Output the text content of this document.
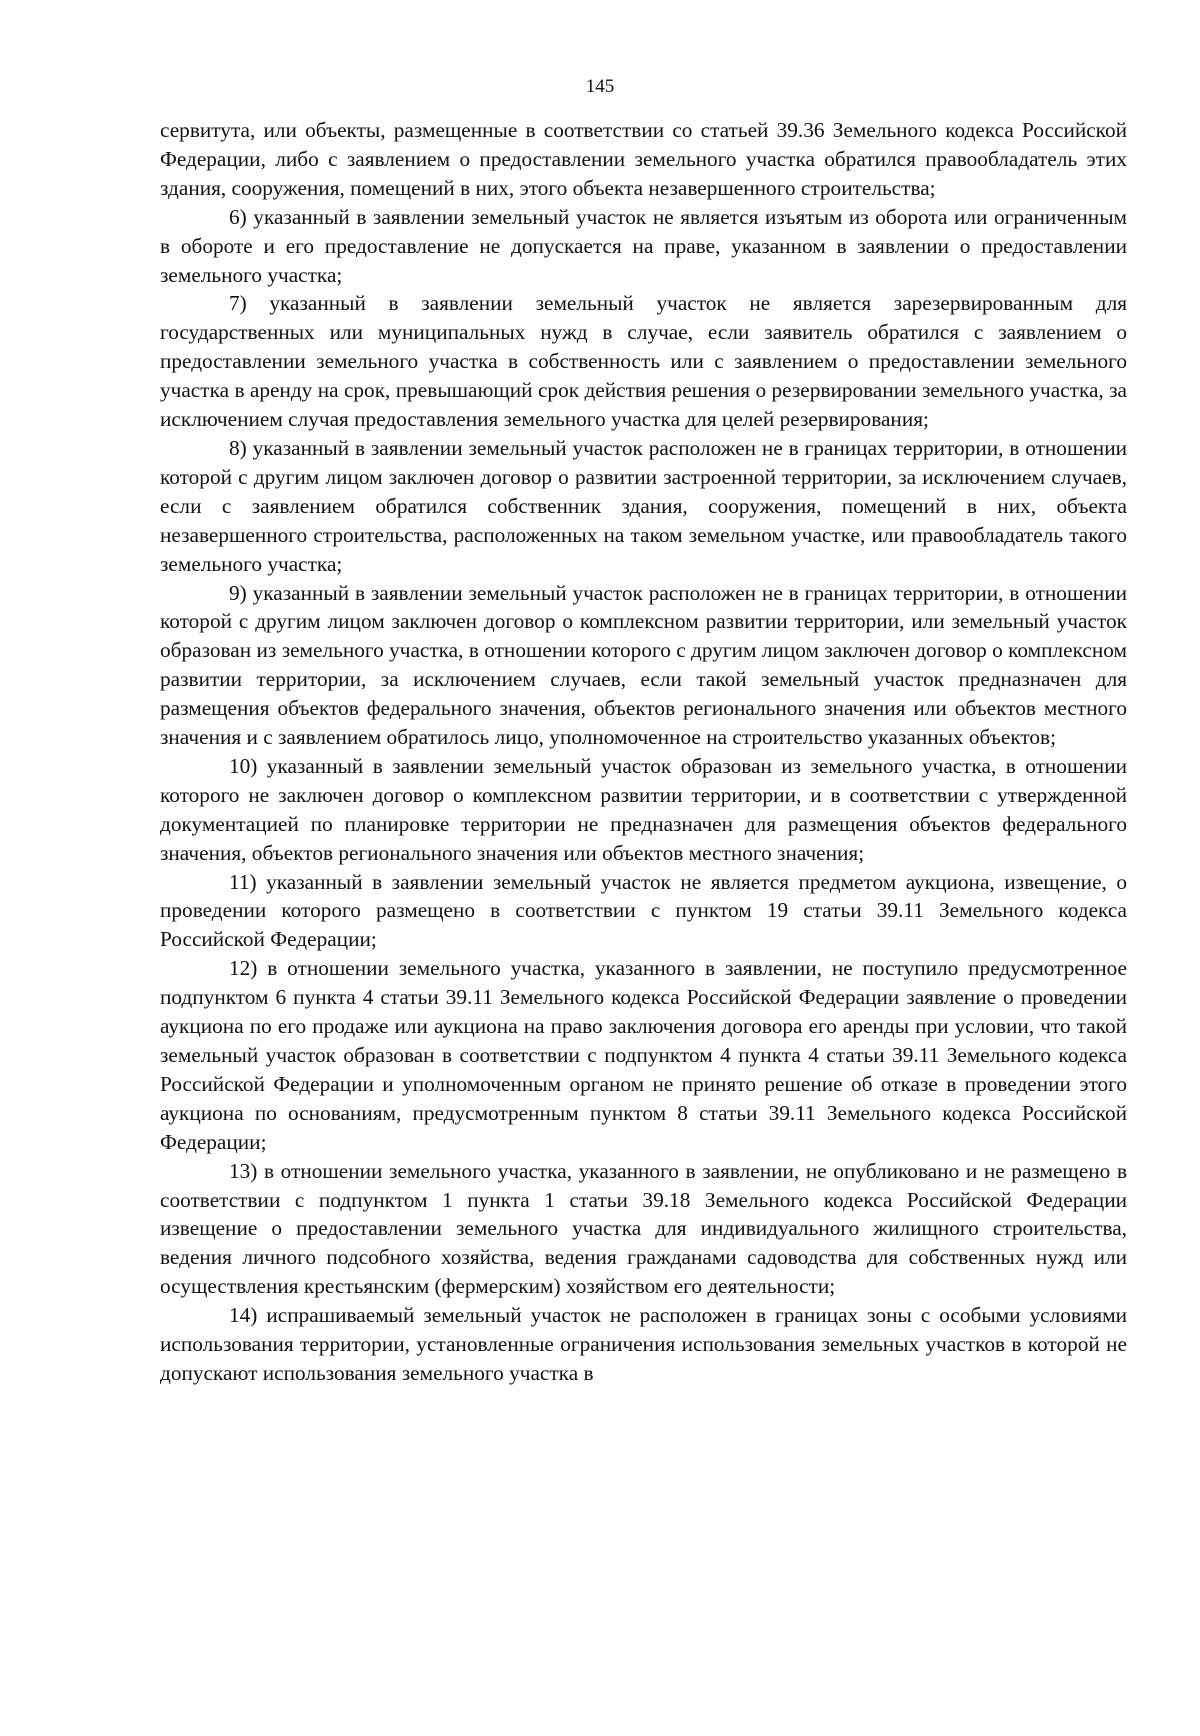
145

сервитута, или объекты, размещенные в соответствии со статьей 39.36 Земельного кодекса Российской Федерации, либо с заявлением о предоставлении земельного участка обратился правообладатель этих здания, сооружения, помещений в них, этого объекта незавершенного строительства;

6) указанный в заявлении земельный участок не является изъятым из оборота или ограниченным в обороте и его предоставление не допускается на праве, указанном в заявлении о предоставлении земельного участка;

7) указанный в заявлении земельный участок не является зарезервированным для государственных или муниципальных нужд в случае, если заявитель обратился с заявлением о предоставлении земельного участка в собственность или с заявлением о предоставлении земельного участка в аренду на срок, превышающий срок действия решения о резервировании земельного участка, за исключением случая предоставления земельного участка для целей резервирования;

8) указанный в заявлении земельный участок расположен не в границах территории, в отношении которой с другим лицом заключен договор о развитии застроенной территории, за исключением случаев, если с заявлением обратился собственник здания, сооружения, помещений в них, объекта незавершенного строительства, расположенных на таком земельном участке, или правообладатель такого земельного участка;

9) указанный в заявлении земельный участок расположен не в границах территории, в отношении которой с другим лицом заключен договор о комплексном развитии территории, или земельный участок образован из земельного участка, в отношении которого с другим лицом заключен договор о комплексном развитии территории, за исключением случаев, если такой земельный участок предназначен для размещения объектов федерального значения, объектов регионального значения или объектов местного значения и с заявлением обратилось лицо, уполномоченное на строительство указанных объектов;

10) указанный в заявлении земельный участок образован из земельного участка, в отношении которого не заключен договор о комплексном развитии территории, и в соответствии с утвержденной документацией по планировке территории не предназначен для размещения объектов федерального значения, объектов регионального значения или объектов местного значения;

11) указанный в заявлении земельный участок не является предметом аукциона, извещение, о проведении которого размещено в соответствии с пунктом 19 статьи 39.11 Земельного кодекса Российской Федерации;

12) в отношении земельного участка, указанного в заявлении, не поступило предусмотренное подпунктом 6 пункта 4 статьи 39.11 Земельного кодекса Российской Федерации заявление о проведении аукциона по его продаже или аукциона на право заключения договора его аренды при условии, что такой земельный участок образован в соответствии с подпунктом 4 пункта 4 статьи 39.11 Земельного кодекса Российской Федерации и уполномоченным органом не принято решение об отказе в проведении этого аукциона по основаниям, предусмотренным пунктом 8 статьи 39.11 Земельного кодекса Российской Федерации;

13) в отношении земельного участка, указанного в заявлении, не опубликовано и не размещено в соответствии с подпунктом 1 пункта 1 статьи 39.18 Земельного кодекса Российской Федерации извещение о предоставлении земельного участка для индивидуального жилищного строительства, ведения личного подсобного хозяйства, ведения гражданами садоводства для собственных нужд или осуществления крестьянским (фермерским) хозяйством его деятельности;

14) испрашиваемый земельный участок не расположен в границах зоны с особыми условиями использования территории, установленные ограничения использования земельных участков в которой не допускают использования земельного участка в
